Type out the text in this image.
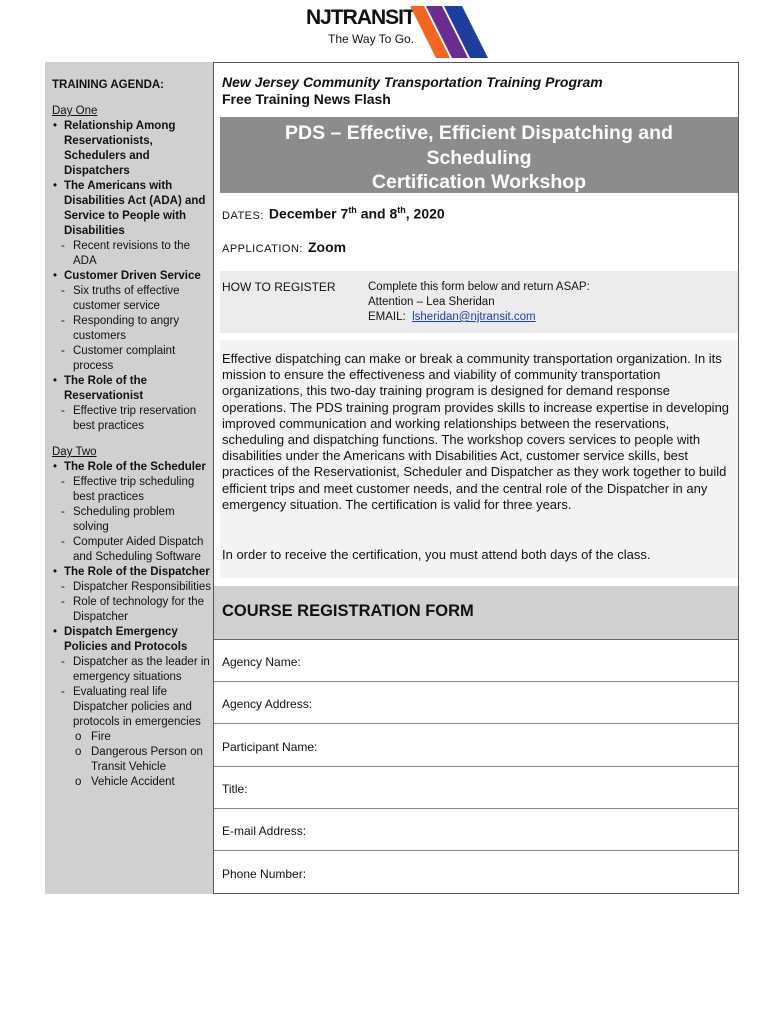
NJTRANSIT
The Way To Go.
TRAINING AGENDA:
Day One
• Relationship Among Reservationists, Schedulers and Dispatchers
• The Americans with Disabilities Act (ADA) and Service to People with Disabilities
- Recent revisions to the ADA
• Customer Driven Service
- Six truths of effective customer service
- Responding to angry customers
- Customer complaint process
• The Role of the Reservationist
- Effective trip reservation best practices
Day Two
• The Role of the Scheduler
- Effective trip scheduling best practices
- Scheduling problem solving
- Computer Aided Dispatch and Scheduling Software
• The Role of the Dispatcher
- Dispatcher Responsibilities
- Role of technology for the Dispatcher
• Dispatch Emergency Policies and Protocols
- Dispatcher as the leader in emergency situations
- Evaluating real life Dispatcher policies and protocols in emergencies
o Fire
o Dangerous Person on Transit Vehicle
o Vehicle Accident
New Jersey Community Transportation Training Program
Free Training News Flash
PDS – Effective, Efficient Dispatching and
Scheduling
Certification Workshop
DATES: December 7th and 8th, 2020
APPLICATION: Zoom
HOW TO REGISTER	Complete this form below and return ASAP:
Attention – Lea Sheridan
EMAIL: lsheridan@njtransit.com

Effective dispatching can make or break a community transportation organization. In its mission to ensure the effectiveness and viability of community transportation organizations, this two-day training program is designed for demand response operations. The PDS training program provides skills to increase expertise in developing improved communication and working relationships between the reservations, scheduling and dispatching functions. The workshop covers services to people with disabilities under the Americans with Disabilities Act, customer service skills, best practices of the Reservationist, Scheduler and Dispatcher as they work together to build efficient trips and meet customer needs, and the central role of the Dispatcher in any emergency situation. The certification is valid for three years.

In order to receive the certification, you must attend both days of the class.

COURSE REGISTRATION FORM
Agency Name:
Agency Address:
Participant Name:
Title:
E-mail Address:
Phone Number:
